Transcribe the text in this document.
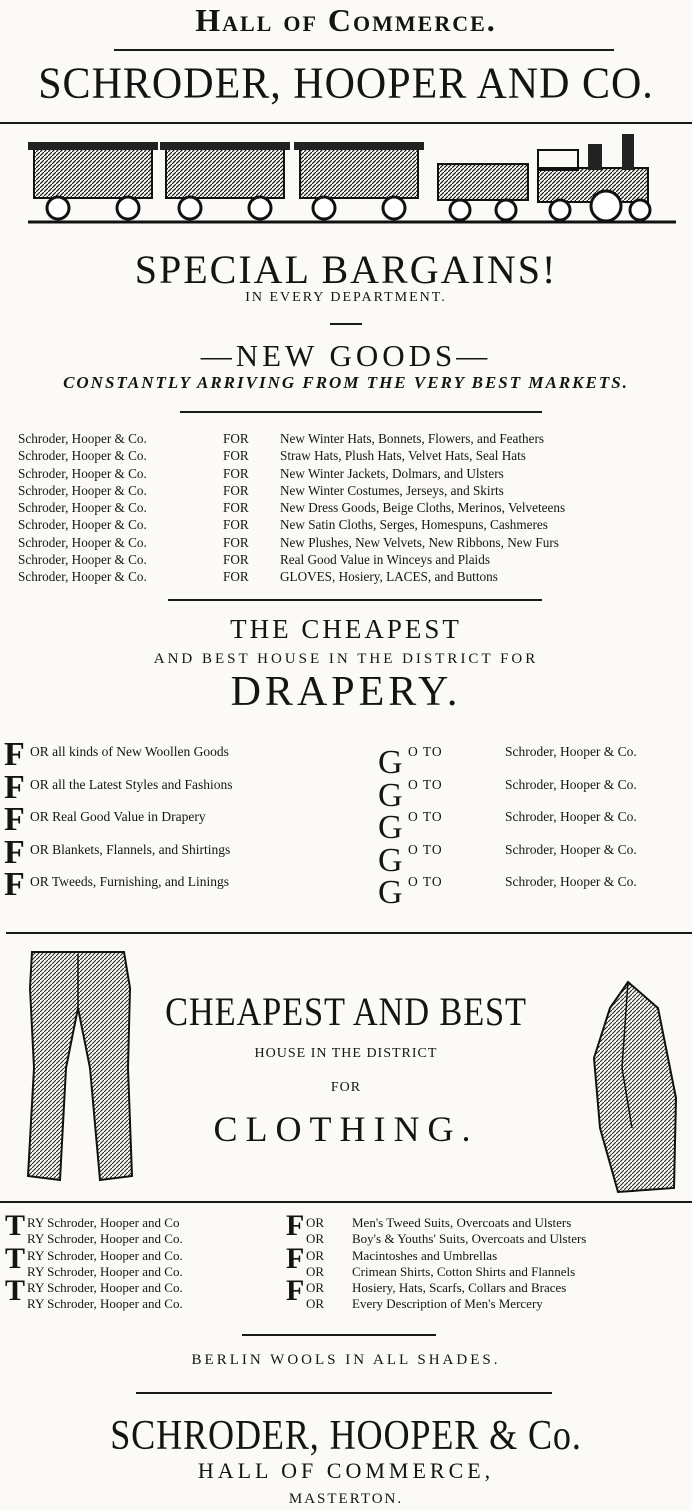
Hall of Commerce.
SCHRODER, HOOPER AND CO.
SPECIAL BARGAINS!
IN EVERY DEPARTMENT.
—NEW GOODS—
CONSTANTLY ARRIVING FROM THE VERY BEST MARKETS.
Schroder, Hooper & Co.	FOR New Winter Hats, Bonnets, Flowers, and Feathers
Schroder, Hooper & Co.	FOR Straw Hats, Plush Hats, Velvet Hats, Seal Hats
Schroder, Hooper & Co.	FOR New Winter Jackets, Dolmars, and Ulsters
Schroder, Hooper & Co.	FOR New Winter Costumes, Jerseys, and Skirts
Schroder, Hooper & Co.	FOR New Dress Goods, Beige Cloths, Merinos, Velveteens
Schroder, Hooper & Co.	FOR New Satin Cloths, Serges, Homespuns, Cashmeres
Schroder, Hooper & Co.	FOR New Plushes, New Velvets, New Ribbons, New Furs
Schroder, Hooper & Co.	FOR Real Good Value in Winceys and Plaids
Schroder, Hooper & Co.	FOR GLOVES, Hosiery, LACES, and Buttons
THE CHEAPEST
AND BEST HOUSE IN THE DISTRICT FOR
DRAPERY.
F OR all kinds of New Woollen Goods	G O TO	Schroder, Hooper & Co.
F OR all the Latest Styles and Fashions	G O TO	Schroder, Hooper & Co.
F OR Real Good Value in Drapery	G O TO	Schroder, Hooper & Co.
F OR Blankets, Flannels, and Shirtings	G O TO	Schroder, Hooper & Co.
F OR Tweeds, Furnishing, and Linings	G O TO	Schroder, Hooper & Co.
CHEAPEST AND BEST
HOUSE IN THE DISTRICT
FOR
CLOTHING.
T RY Schroder, Hooper and Co	F OR Men's Tweed Suits, Overcoats and Ulsters
RY Schroder, Hooper and Co.	OR Boy's & Youths' Suits, Overcoats and Ulsters
T RY Schroder, Hooper and Co.	F OR Macintoshes and Umbrellas
RY Schroder, Hooper and Co.	OR Crimean Shirts, Cotton Shirts and Flannels
T RY Schroder, Hooper and Co.	F OR Hosiery, Hats, Scarfs, Collars and Braces
RY Schroder, Hooper and Co.	OR Every Description of Men's Mercery
BERLIN WOOLS IN ALL SHADES.
SCHRODER, HOOPER & Co.
HALL OF COMMERCE,
MASTERTON.
